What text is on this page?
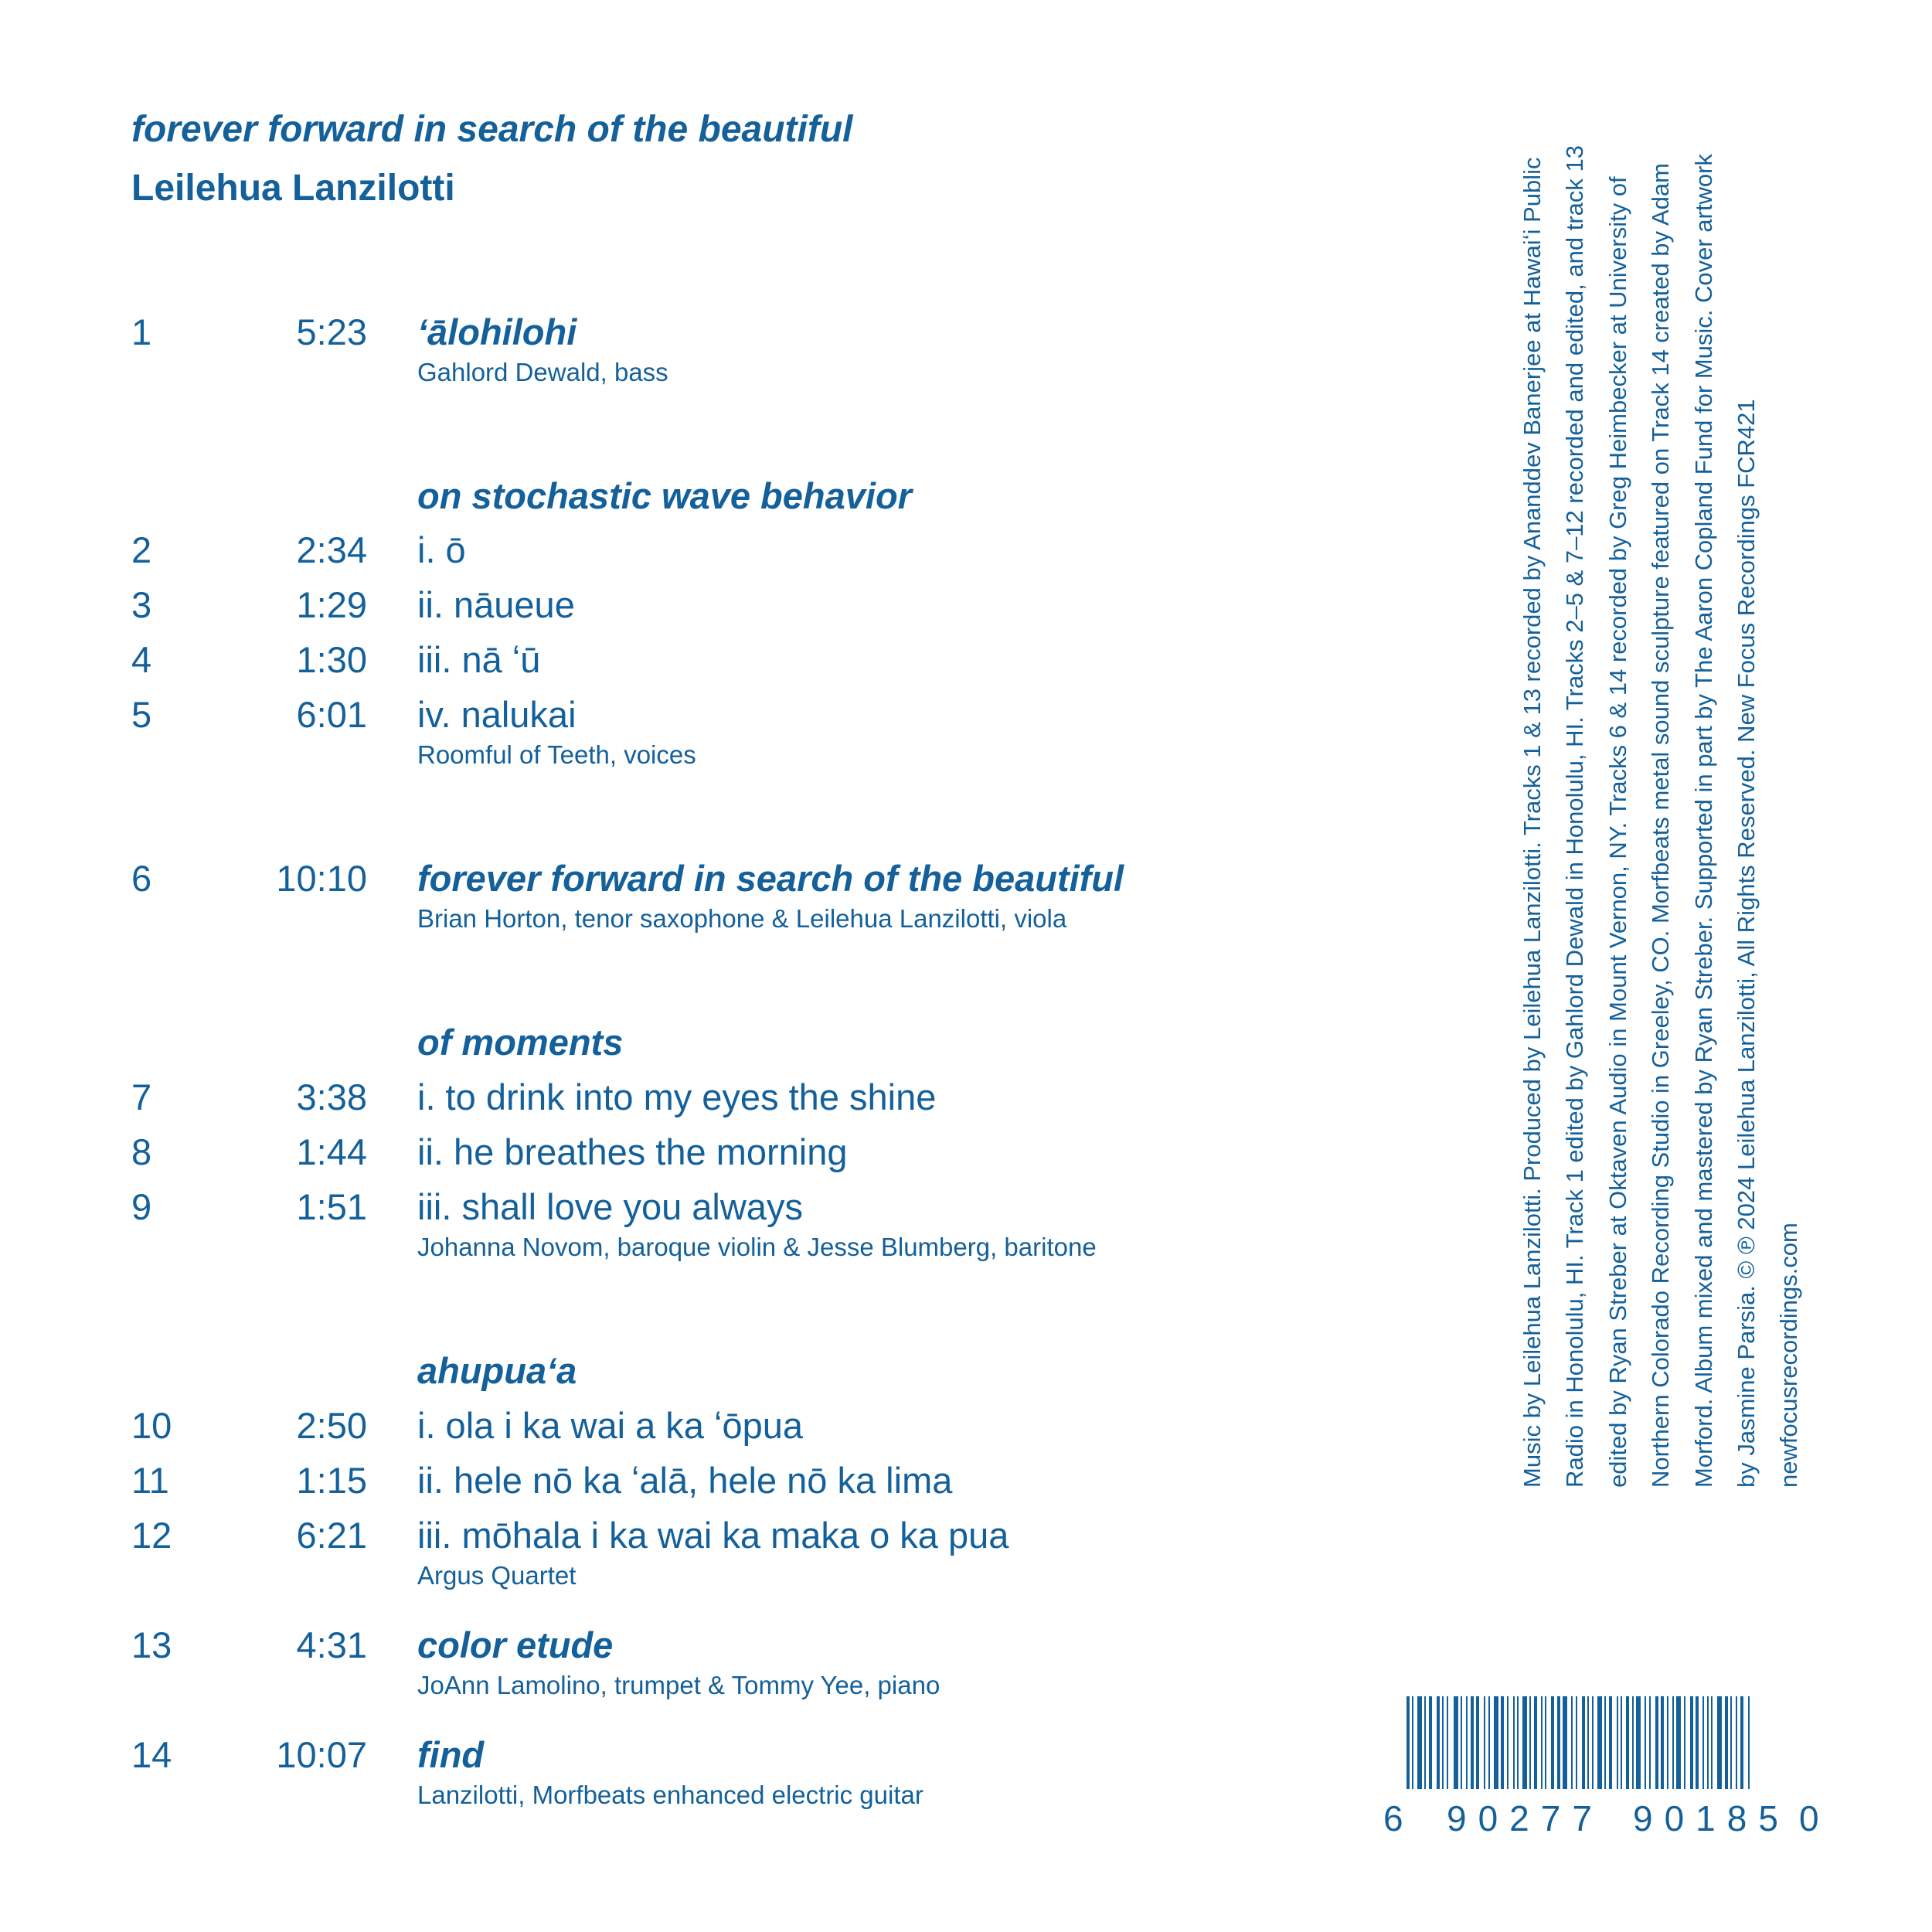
forever forward in search of the beautiful

Leilehua Lanzilotti

1	5:23 ʻālohilohi
Gahlord Dewald, bass
on stochastic wave behavior
2	2:34 i. ō
3	1:29 ii. nāueue
4	1:30 iii. nā ʻū
5	6:01 iv. nalukai
Roomful of Teeth, voices
6	10:10 forever forward in search of the beautiful
Brian Horton, tenor saxophone & Leilehua Lanzilotti, viola
of moments
7	3:38 i. to drink into my eyes the shine
8	1:44 ii. he breathes the morning
9	1:51 iii. shall love you always
Johanna Novom, baroque violin & Jesse Blumberg, baritone
ahupuaʻa
10	2:50 i. ola i ka wai a ka ʻōpua
11	1:15 ii. hele nō ka ʻalā, hele nō ka lima
12	6:21 iii. mōhala i ka wai ka maka o ka pua
Argus Quartet
13	4:31 color etude
JoAnn Lamolino, trumpet & Tommy Yee, piano
14	10:07 find
Lanzilotti, Morfbeats enhanced electric guitar

Music by Leilehua Lanzilotti. Produced by Leilehua Lanzilotti. Tracks 1 & 13 recorded by Ananddev Banerjee at Hawaiʻi Public Radio in Honolulu, HI. Track 1 edited by Gahlord Dewald in Honolulu, HI. Tracks 2–5 & 7–12 recorded and edited, and track 13 edited by Ryan Streber at Oktaven Audio in Mount Vernon, NY. Tracks 6 & 14 recorded by Greg Heimbecker at University of Northern Colorado Recording Studio in Greeley, CO. Morfbeats metal sound sculpture featured on Track 14 created by Adam Morford. Album mixed and mastered by Ryan Streber. Supported in part by The Aaron Copland Fund for Music. Cover artwork by Jasmine Parsia. © ℗ 2024 Leilehua Lanzilotti, All Rights Reserved. New Focus Recordings FCR421 newfocusrecordings.com

6 90277 90185 0
